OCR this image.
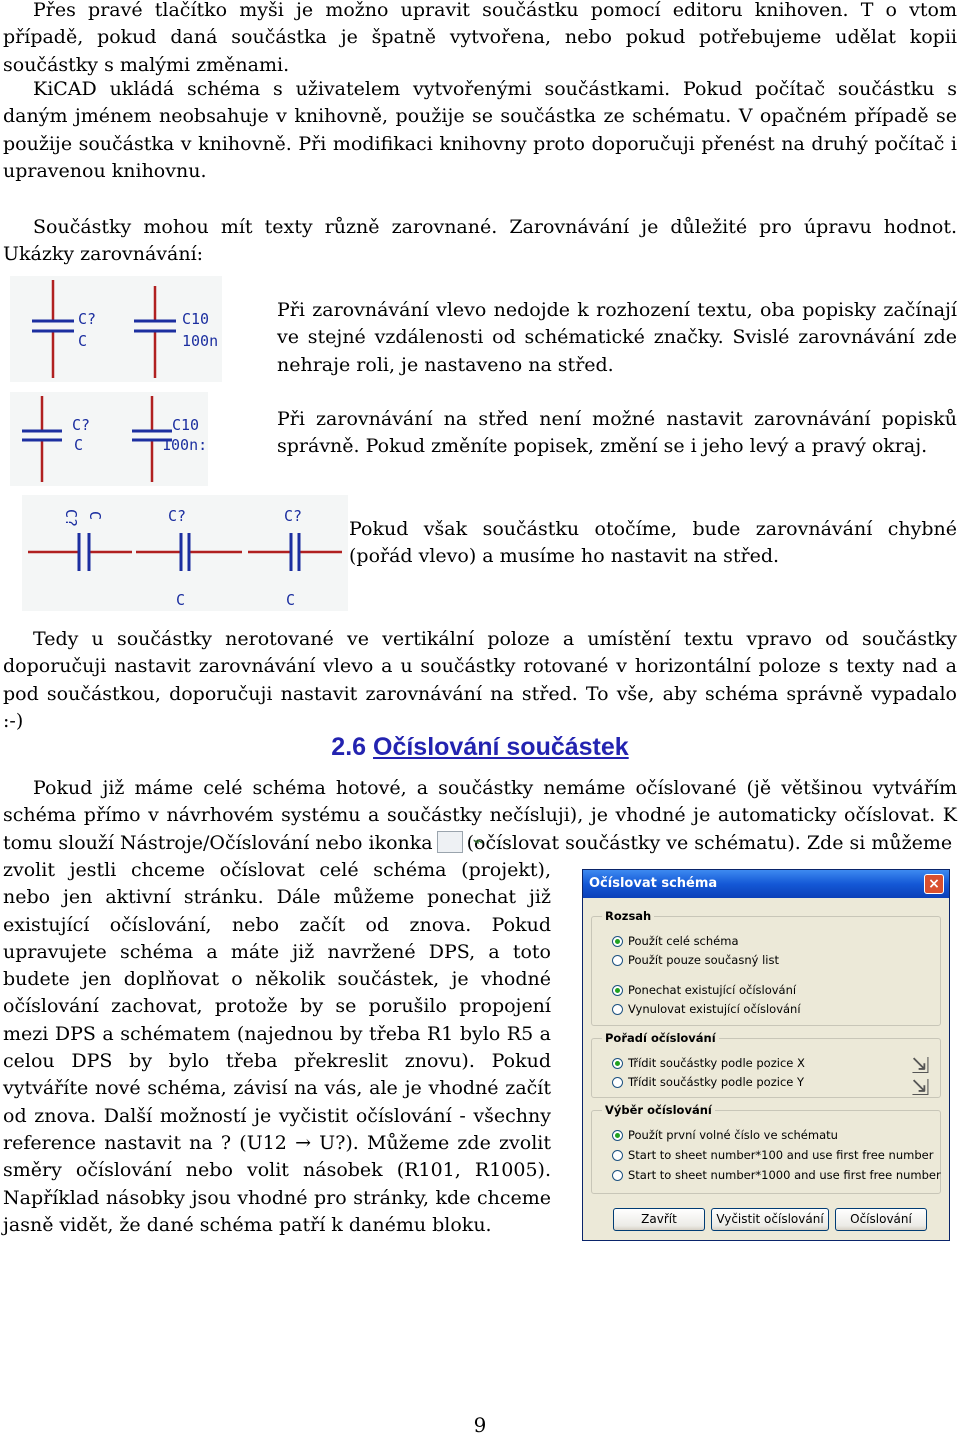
Přes pravé tlačítko myši je možno upravit součástku pomocí editoru knihoven. T o vtom případě, pokud daná součástka je špatně vytvořena, nebo pokud potřebujeme udělat kopii součástky s malými změnami.

KiCAD ukládá schéma s uživatelem vytvořenými součástkami. Pokud počítač součástku s daným jménem neobsahuje v knihovně, použije se součástka ze schématu. V opačném případě se použije součástka v knihovně. Při modifikaci knihovny proto doporučuji přenést na druhý počítač i upravenou knihovnu.

Součástky mohou mít texty různě zarovnané. Zarovnávání je důležité pro úpravu hodnot. Ukázky zarovnávání:

C?
C
C10
100n
C?
C
C10
100n:
C? C	C?
C
C?
C

Při zarovnávání vlevo nedojde k rozhození textu, oba popisky začínají ve stejné vzdálenosti od schématické značky. Svislé zarovnávání zde nehraje roli, je nastaveno na střed.

Při zarovnávání na střed není možné nastavit zarovnávání popisků správně. Pokud změníte popisek, změní se i jeho levý a pravý okraj.

Pokud však součástku otočíme, bude zarovnávání chybné (pořád vlevo) a musíme ho nastavit na střed.

Tedy u součástky nerotované ve vertikální poloze a umístění textu vpravo od součástky doporučuji nastavit zarovnávání vlevo a u součástky rotované v horizontální poloze s texty nad a pod součástkou, doporučuji nastavit zarovnávání na střed. To vše, aby schéma správně vypadalo :-)

2.6 Očíslování součástek

Pokud již máme celé schéma hotové, a součástky nemáme očíslované (jě většinou vytvářím schéma přímo v návrhovém systému a součástky nečísluji), je vhodné je automaticky očíslovat. K tomu slouží Nástroje/Očíslování nebo ikonka⌁ (očíslovat součástky ve schématu). Zde si můžeme

zvolit jestli chceme očíslovat celé schéma (projekt), nebo jen aktivní stránku. Dále můžeme ponechat již existující očíslování, nebo začít od znova. Pokud upravujete schéma a máte již navržené DPS, a toto budete jen doplňovat o několik součástek, je vhodné očíslování zachovat, protože by se porušilo propojení mezi DPS a schématem (najednou by třeba R1 bylo R5 a celou DPS by bylo třeba překreslit znovu). Pokud vytváříte nové schéma, závisí na vás, ale je vhodné začít od znova. Další možností je vyčistit očíslování - všechny reference nastavit na ? (U12 → U?). Můžeme zde zvolit směry očíslování nebo volit násobek (R101, R1005). Například násobky jsou vhodné pro stránky, kde chceme jasně vidět, že dané schéma patří k danému bloku.

Očíslovat schéma	×
Rozsah
Použít celé schéma
Použít pouze současný list
Ponechat existující očíslování
Vynulovat existující očíslování
Pořadí očíslování
Třídit součástky podle pozice X
Třídit součástky podle pozice Y
⇲
⇲
Výběr očíslování
Použít první volné číslo ve schématu
Start to sheet number*100 and use first free number
Start to sheet number*1000 and use first free number
Zavřít	Vyčistit očíslování	Očíslování
9
